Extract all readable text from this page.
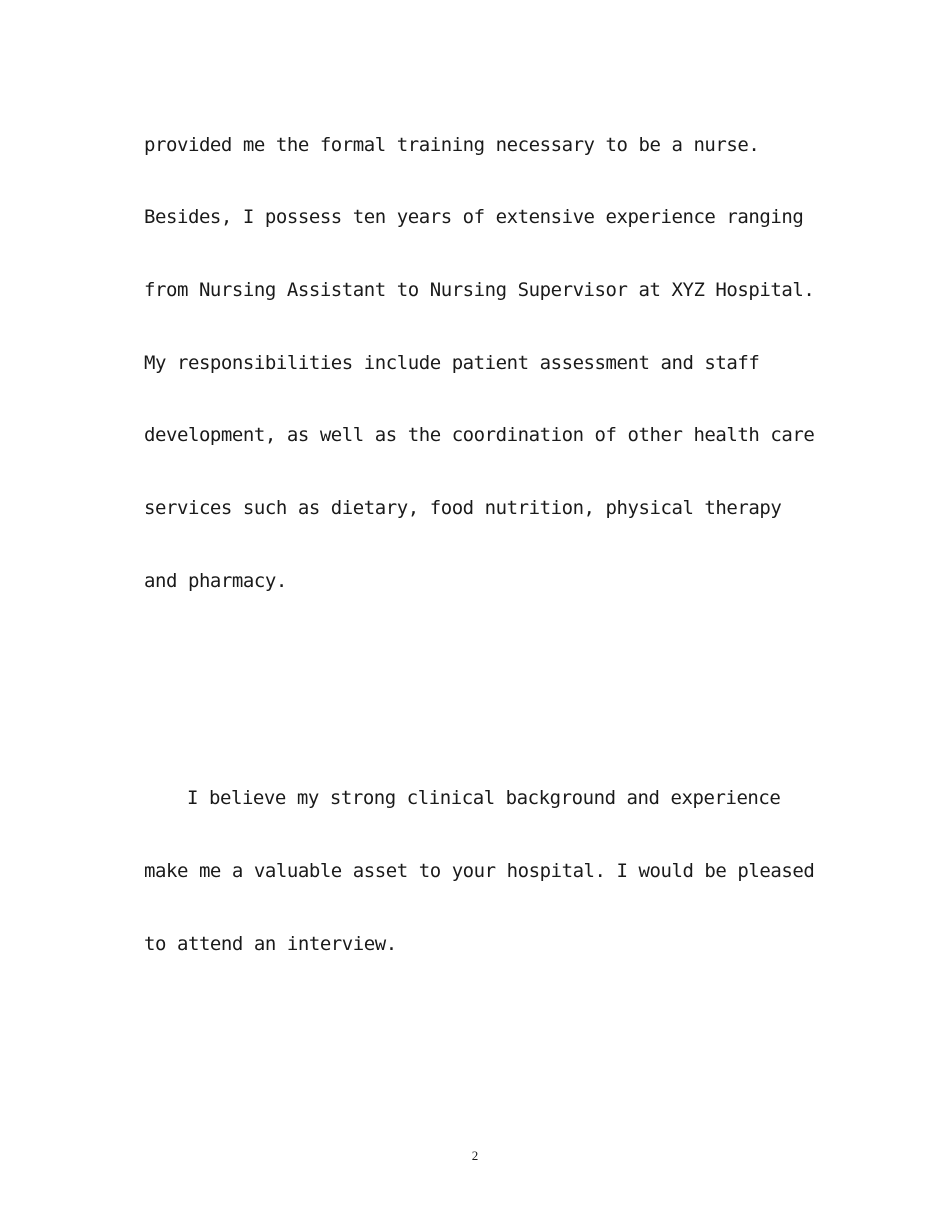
provided me the formal training necessary to be a nurse.
Besides, I possess ten years of extensive experience ranging
from Nursing Assistant to Nursing Supervisor at XYZ Hospital.
My responsibilities include patient assessment and staff
development, as well as the coordination of other health care
services such as dietary, food nutrition, physical therapy
and pharmacy.
I believe my strong clinical background and experience
make me a valuable asset to your hospital. I would be pleased
to attend an interview.
2
